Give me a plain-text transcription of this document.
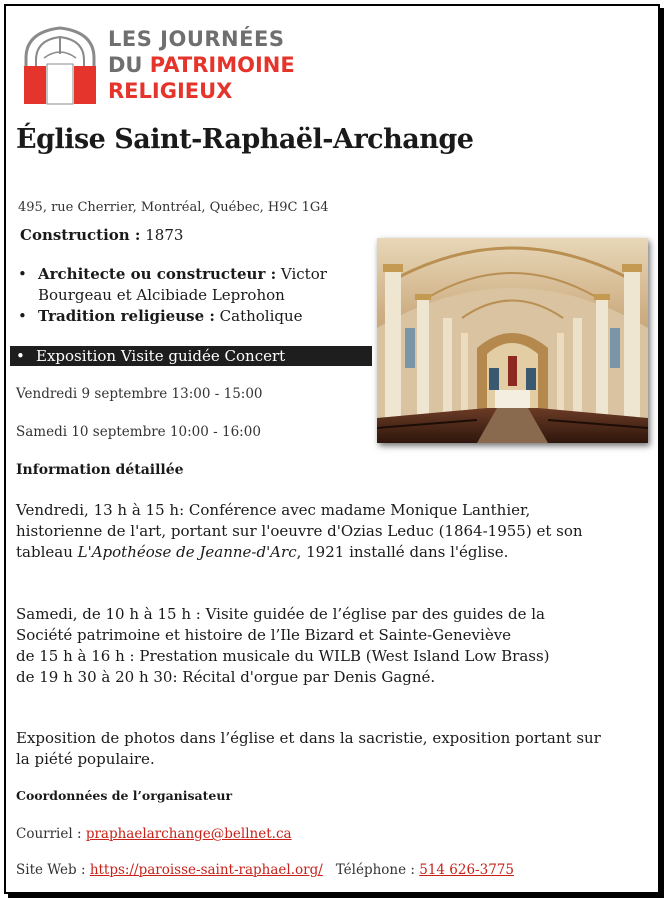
LES JOURNÉES
DU PATRIMOINE
RELIGIEUX
Église Saint-Raphaël-Archange
495, rue Cherrier, Montréal, Québec, H9C 1G4
Construction : 1873
• Architecte ou constructeur : Victor Bourgeau et Alcibiade Leprohon
• Tradition religieuse : Catholique
• Exposition Visite guidée Concert
Vendredi 9 septembre 13:00 - 15:00
Samedi 10 septembre 10:00 - 16:00
Information détaillée

Vendredi, 13 h à 15 h: Conférence avec madame Monique Lanthier, historienne de l'art, portant sur l'oeuvre d'Ozias Leduc (1864-1955) et son tableau L'Apothéose de Jeanne-d'Arc, 1921 installé dans l'église.

Samedi, de 10 h à 15 h : Visite guidée de l’église par des guides de la Société patrimoine et histoire de l’Ile Bizard et Sainte-Geneviève
de 15 h à 16 h : Prestation musicale du WILB (West Island Low Brass)
de 19 h 30 à 20 h 30: Récital d'orgue par Denis Gagné.

Exposition de photos dans l’église et dans la sacristie, exposition portant sur la piété populaire.

Coordonnées de l’organisateur
Courriel : praphaelarchange@bellnet.ca
Site Web : https://paroisse-saint-raphael.org/ Téléphone : 514 626-3775
